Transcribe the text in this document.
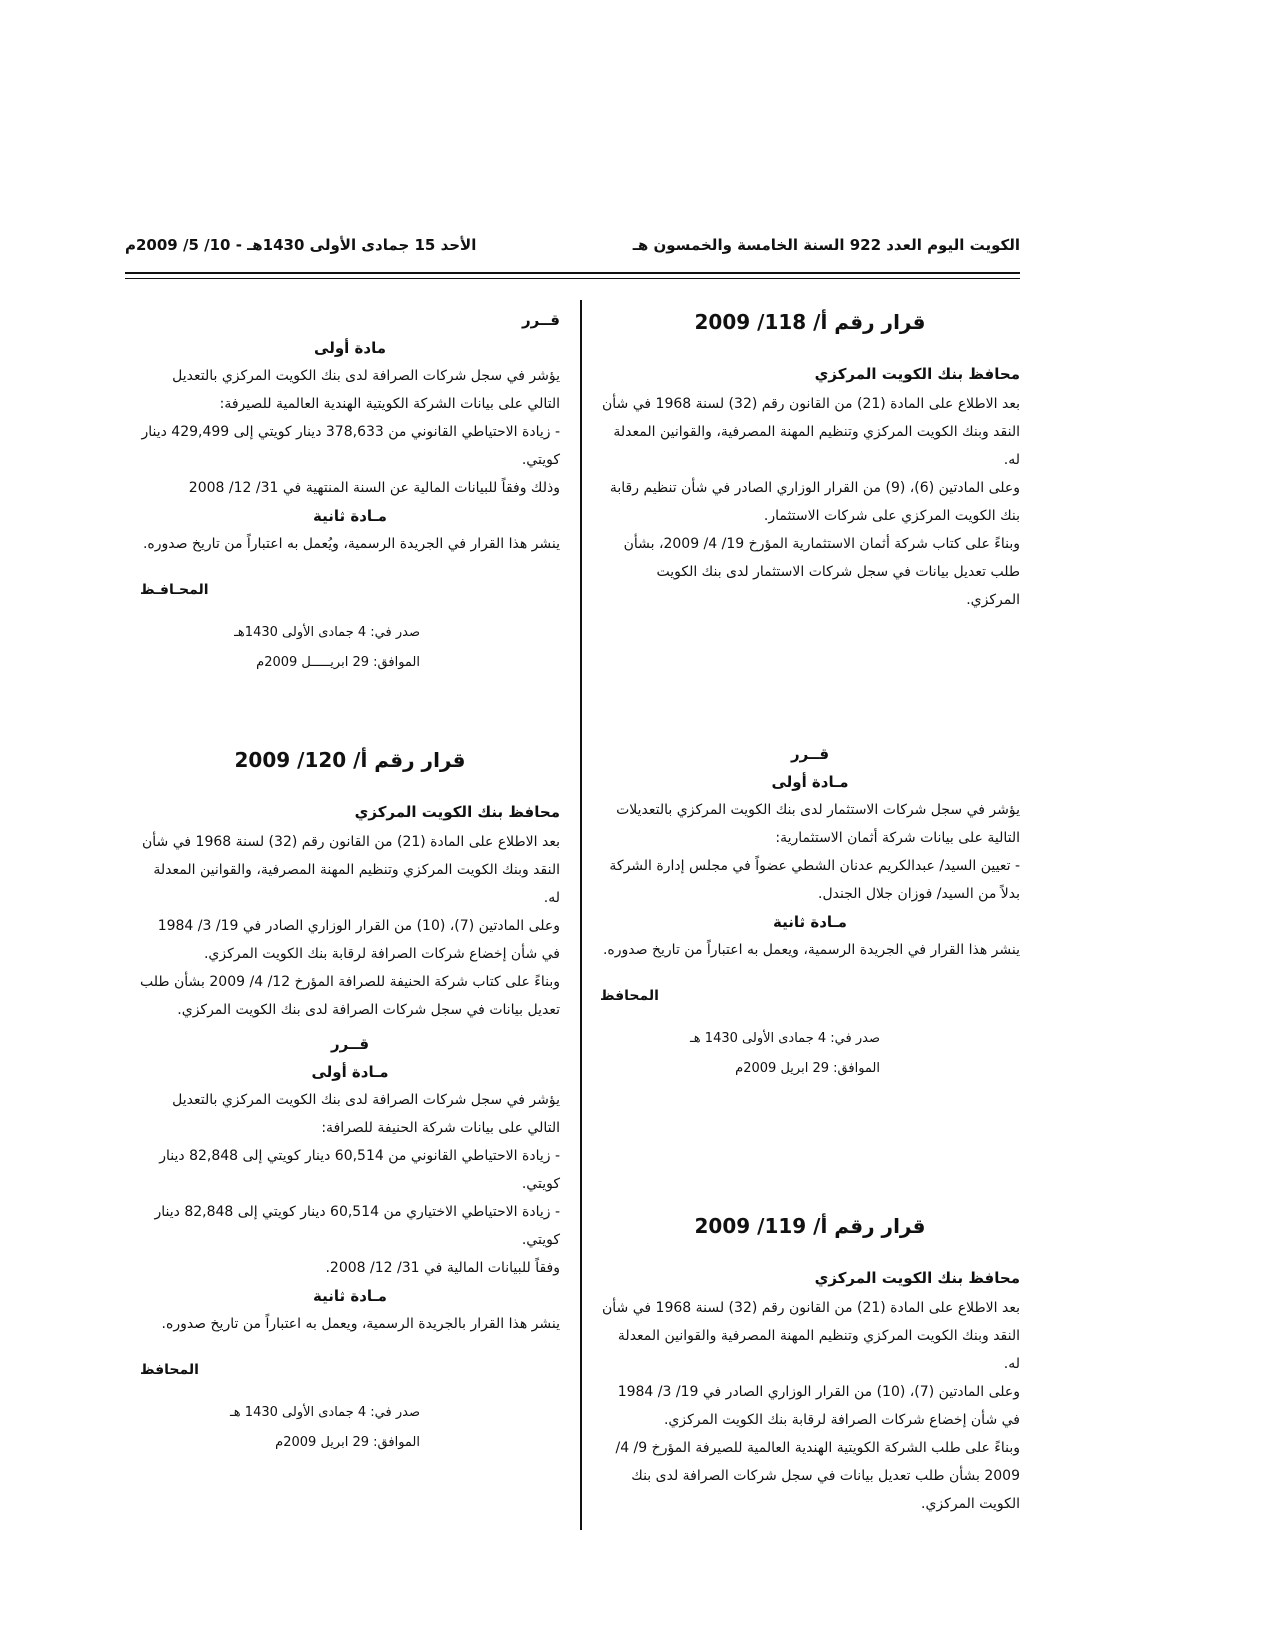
الكويت اليوم العدد 922 السنة الخامسة والخمسون هـ
الأحد 15 جمادى الأولى 1430هـ - 10/ 5/ 2009م
قرار رقم أ/ 118/ 2009
محافظ بنك الكويت المركزي

بعد الاطلاع على المادة (21) من القانون رقم (32) لسنة 1968 في شأن النقد وبنك الكويت المركزي وتنظيم المهنة المصرفية، والقوانين المعدلة له.

وعلى المادتين (6)، (9) من القرار الوزاري الصادر في شأن تنظيم رقابة بنك الكويت المركزي على شركات الاستثمار.

وبناءً على كتاب شركة أثمان الاستثمارية المؤرخ 19/ 4/ 2009، بشأن طلب تعديل بيانات في سجل شركات الاستثمار لدى بنك الكويت المركزي.

قــرر
مـادة أولى

يؤشر في سجل شركات الاستثمار لدى بنك الكويت المركزي بالتعديلات التالية على بيانات شركة أثمان الاستثمارية:

- تعيين السيد/ عبدالكريم عدنان الشطي عضواً في مجلس إدارة الشركة بدلاً من السيد/ فوزان جلال الجندل.

مـادة ثانية

ينشر هذا القرار في الجريدة الرسمية، ويعمل به اعتباراً من تاريخ صدوره.

المحافظ
صدر في: 4 جمادى الأولى 1430 هـ
الموافق: 29 ابريل 2009م
قرار رقم أ/ 119/ 2009
محافظ بنك الكويت المركزي

بعد الاطلاع على المادة (21) من القانون رقم (32) لسنة 1968 في شأن النقد وبنك الكويت المركزي وتنظيم المهنة المصرفية والقوانين المعدلة له.

وعلى المادتين (7)، (10) من القرار الوزاري الصادر في 19/ 3/ 1984 في شأن إخضاع شركات الصرافة لرقابة بنك الكويت المركزي.

وبناءً على طلب الشركة الكويتية الهندية العالمية للصيرفة المؤرخ 9/ 4/ 2009 بشأن طلب تعديل بيانات في سجل شركات الصرافة لدى بنك الكويت المركزي.

قــرر
مادة أولى

يؤشر في سجل شركات الصرافة لدى بنك الكويت المركزي بالتعديل التالي على بيانات الشركة الكويتية الهندية العالمية للصيرفة:

- زيادة الاحتياطي القانوني من 378,633 دينار كويتي إلى 429,499 دينار كويتي.

وذلك وفقاً للبيانات المالية عن السنة المنتهية في 31/ 12/ 2008

مـادة ثانية

ينشر هذا القرار في الجريدة الرسمية، ويُعمل به اعتباراً من تاريخ صدوره.

المحـافـظ
صدر في: 4 جمادى الأولى 1430هـ
الموافق: 29 ابريـــــل 2009م
قرار رقم أ/ 120/ 2009
محافظ بنك الكويت المركزي

بعد الاطلاع على المادة (21) من القانون رقم (32) لسنة 1968 في شأن النقد وبنك الكويت المركزي وتنظيم المهنة المصرفية، والقوانين المعدلة له.

وعلى المادتين (7)، (10) من القرار الوزاري الصادر في 19/ 3/ 1984 في شأن إخضاع شركات الصرافة لرقابة بنك الكويت المركزي.

وبناءً على كتاب شركة الحنيفة للصرافة المؤرخ 12/ 4/ 2009 بشأن طلب تعديل بيانات في سجل شركات الصرافة لدى بنك الكويت المركزي.

قــرر
مـادة أولى

يؤشر في سجل شركات الصرافة لدى بنك الكويت المركزي بالتعديل التالي على بيانات شركة الحنيفة للصرافة:

- زيادة الاحتياطي القانوني من 60,514 دينار كويتي إلى 82,848 دينار كويتي.

- زيادة الاحتياطي الاختياري من 60,514 دينار كويتي إلى 82,848 دينار كويتي.

وفقاً للبيانات المالية في 31/ 12/ 2008.

مـادة ثانية

ينشر هذا القرار بالجريدة الرسمية، ويعمل به اعتباراً من تاريخ صدوره.

المحافظ
صدر في: 4 جمادى الأولى 1430 هـ
الموافق: 29 ابريل 2009م
